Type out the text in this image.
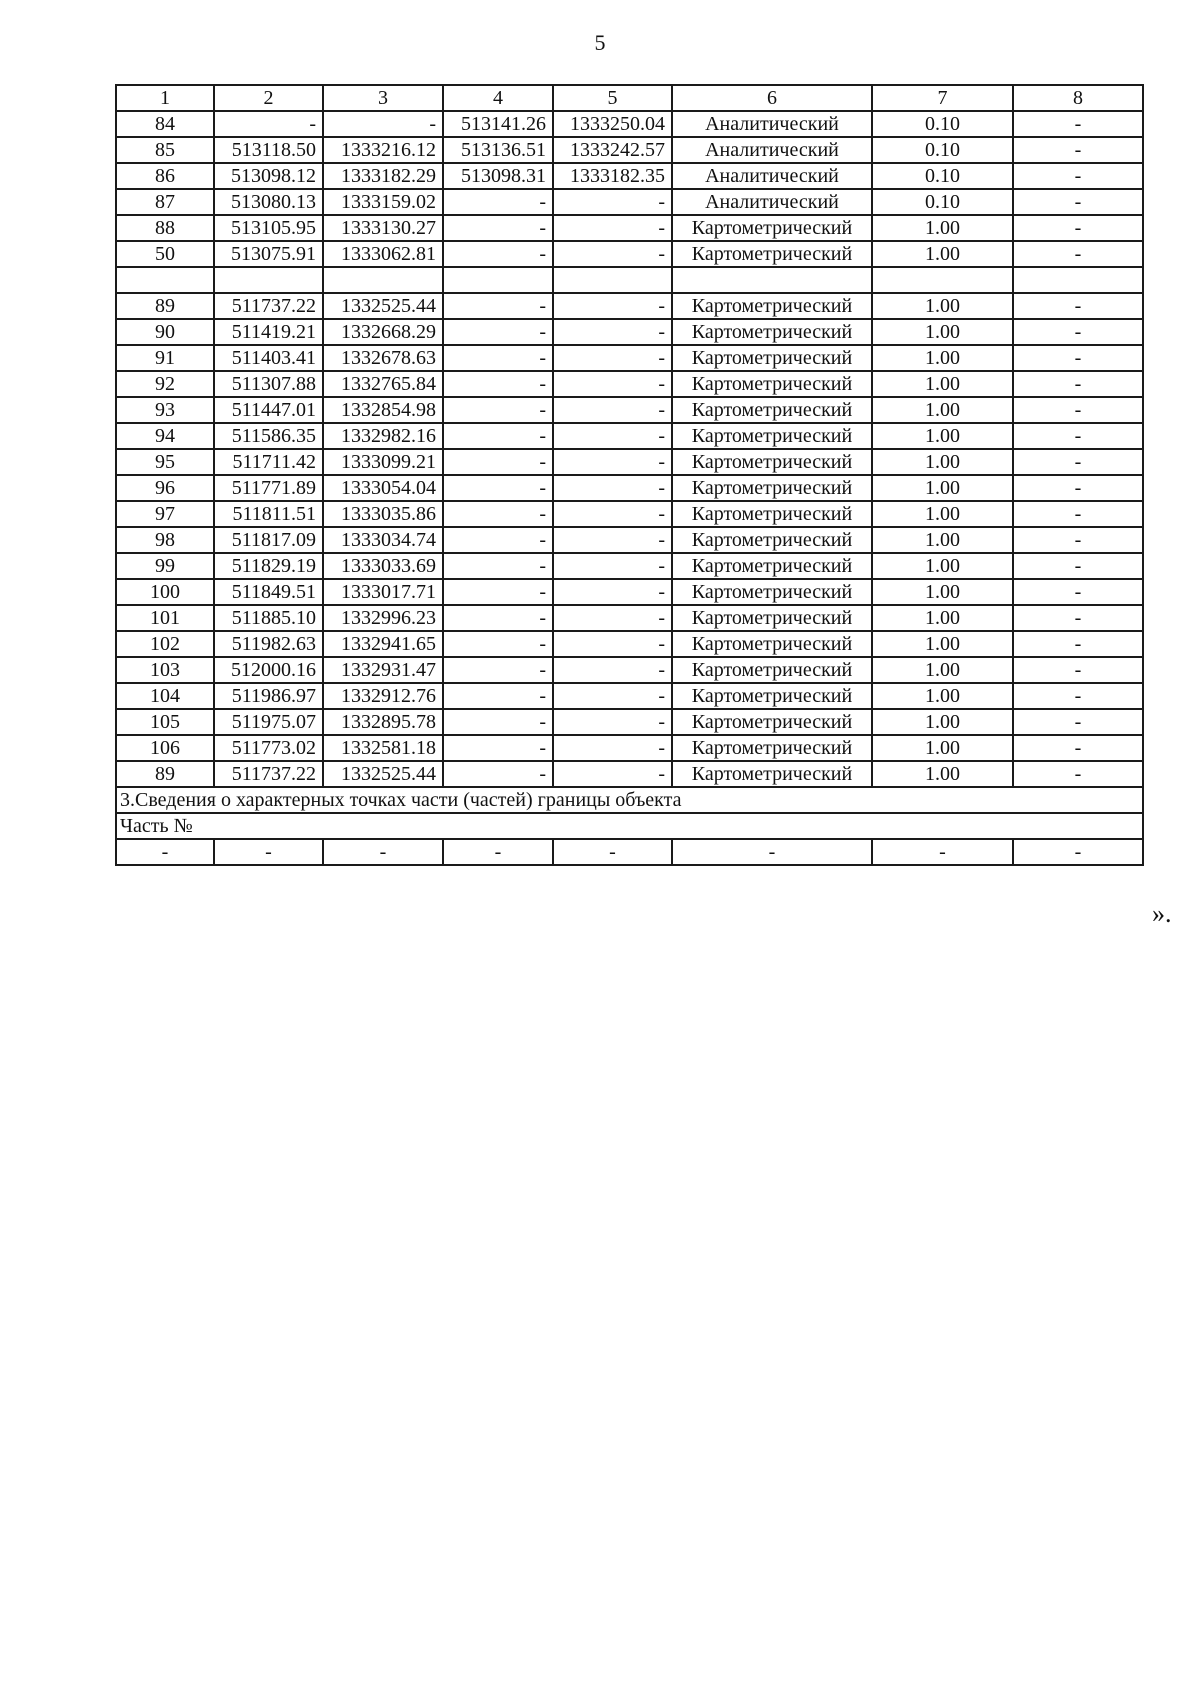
5
1	2	3	4	5	6	7	8
84	-	-	513141.26	1333250.04	Аналитический	0.10	-
85	513118.50	1333216.12	513136.51	1333242.57	Аналитический	0.10	-
86	513098.12	1333182.29	513098.31	1333182.35	Аналитический	0.10	-
87	513080.13	1333159.02	-	-	Аналитический	0.10	-
88	513105.95	1333130.27	-	-	Картометрический	1.00	-
50	513075.91	1333062.81	-	-	Картометрический	1.00	-

89	511737.22	1332525.44	-	-	Картометрический	1.00	-
90	511419.21	1332668.29	-	-	Картометрический	1.00	-
91	511403.41	1332678.63	-	-	Картометрический	1.00	-
92	511307.88	1332765.84	-	-	Картометрический	1.00	-
93	511447.01	1332854.98	-	-	Картометрический	1.00	-
94	511586.35	1332982.16	-	-	Картометрический	1.00	-
95	511711.42	1333099.21	-	-	Картометрический	1.00	-
96	511771.89	1333054.04	-	-	Картометрический	1.00	-
97	511811.51	1333035.86	-	-	Картометрический	1.00	-
98	511817.09	1333034.74	-	-	Картометрический	1.00	-
99	511829.19	1333033.69	-	-	Картометрический	1.00	-
100	511849.51	1333017.71	-	-	Картометрический	1.00	-
101	511885.10	1332996.23	-	-	Картометрический	1.00	-
102	511982.63	1332941.65	-	-	Картометрический	1.00	-
103	512000.16	1332931.47	-	-	Картометрический	1.00	-
104	511986.97	1332912.76	-	-	Картометрический	1.00	-
105	511975.07	1332895.78	-	-	Картометрический	1.00	-
106	511773.02	1332581.18	-	-	Картометрический	1.00	-
89	511737.22	1332525.44	-	-	Картометрический	1.00	-
3.Сведения о характерных точках части (частей) границы объекта							
Часть №							
-	-	-	-	-	-	-	-
».
